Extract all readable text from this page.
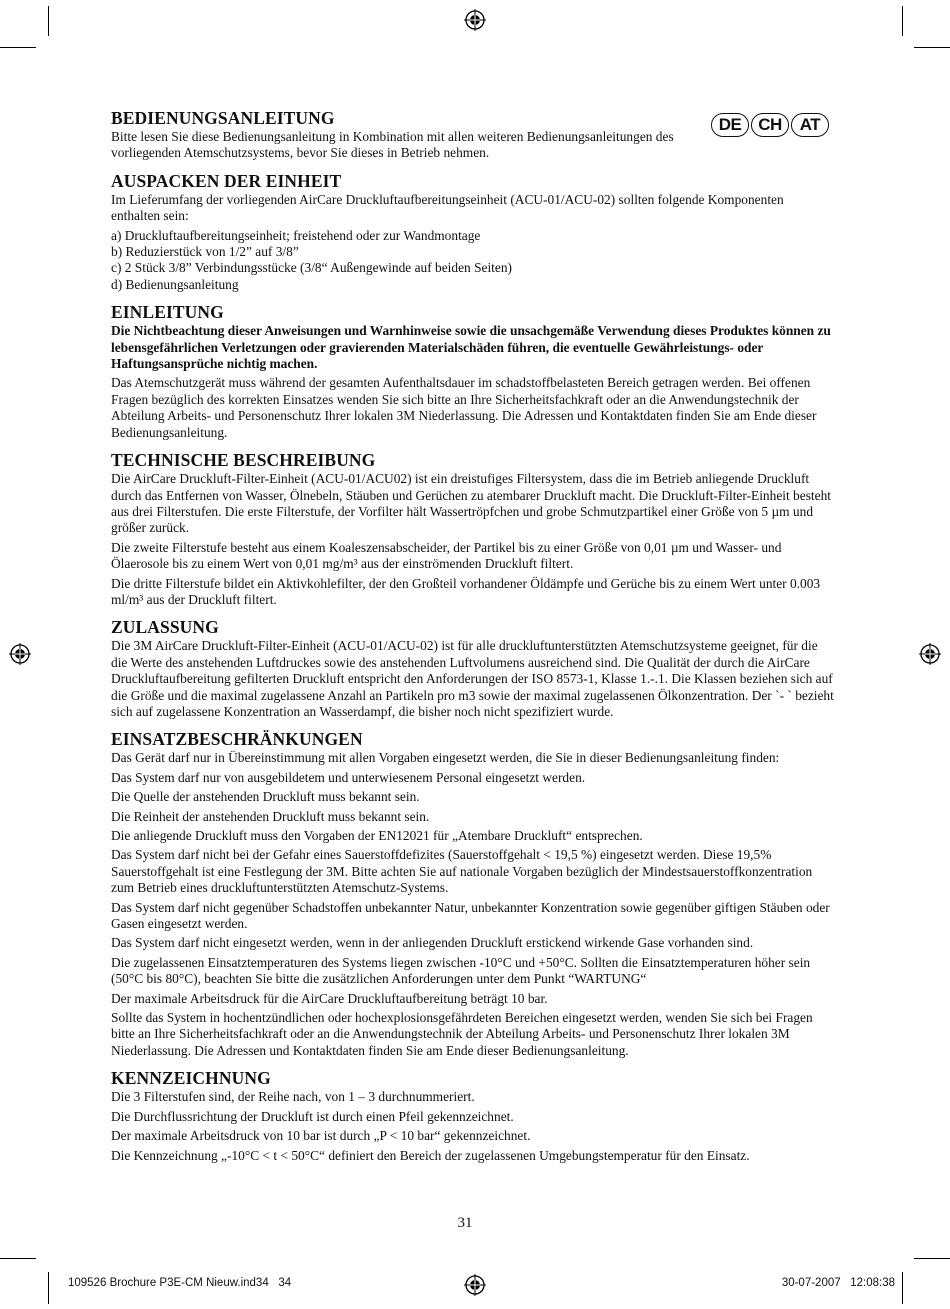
DE CH	AT
BEDIENUNGSANLEITUNG
Bitte lesen Sie diese Bedienungsanleitung in Kombination mit allen weiteren Bedienungsanleitungen des vorliegenden Atemschutzsystems, bevor Sie dieses in Betrieb nehmen.
AUSPACKEN DER EINHEIT
Im Lieferumfang der vorliegenden AirCare Druckluftaufbereitungseinheit (ACU-01/ACU-02) sollten folgende Komponenten enthalten sein:
a) Druckluftaufbereitungseinheit; freistehend oder zur Wandmontage
b) Reduzierstück von 1/2” auf 3/8”
c) 2 Stück 3/8” Verbindungsstücke (3/8“ Außengewinde auf beiden Seiten)
d) Bedienungsanleitung
EINLEITUNG
Die Nichtbeachtung dieser Anweisungen und Warnhinweise sowie die unsachgemäße Verwendung dieses Produktes können zu lebensgefährlichen Verletzungen oder gravierenden Materialschäden führen, die eventuelle Gewährleistungs- oder Haftungsansprüche nichtig machen.
Das Atemschutzgerät muss während der gesamten Aufenthaltsdauer im schadstoffbelasteten Bereich getragen werden. Bei offenen Fragen bezüglich des korrekten Einsatzes wenden Sie sich bitte an Ihre Sicherheitsfachkraft oder an die Anwendungstechnik der Abteilung Arbeits- und Personenschutz Ihrer lokalen 3M Niederlassung. Die Adressen und Kontaktdaten finden Sie am Ende dieser Bedienungsanleitung.
TECHNISCHE BESCHREIBUNG
Die AirCare Druckluft-Filter-Einheit (ACU-01/ACU02) ist ein dreistufiges Filtersystem, dass die im Betrieb anliegende Druckluft durch das Entfernen von Wasser, Ölnebeln, Stäuben und Gerüchen zu atembarer Druckluft macht. Die Druckluft-Filter-Einheit besteht aus drei Filterstufen. Die erste Filterstufe, der Vorfilter hält Wassertröpfchen und grobe Schmutzpartikel einer Größe von 5 µm und größer zurück.
Die zweite Filterstufe besteht aus einem Koaleszensabscheider, der Partikel bis zu einer Größe von 0,01 µm und Wasser- und Ölaerosole bis zu einem Wert von 0,01 mg/m³ aus der einströmenden Druckluft filtert.
Die dritte Filterstufe bildet ein Aktivkohlefilter, der den Großteil vorhandener Öldämpfe und Gerüche bis zu einem Wert unter 0.003 ml/m³ aus der Druckluft filtert.
ZULASSUNG
Die 3M AirCare Druckluft-Filter-Einheit (ACU-01/ACU-02) ist für alle druckluftunterstützten Atemschutzsysteme geeignet, für die die Werte des anstehenden Luftdruckes sowie des anstehenden Luftvolumens ausreichend sind. Die Qualität der durch die AirCare Druckluftaufbereitung gefilterten Druckluft entspricht den Anforderungen der ISO 8573-1, Klasse 1.-.1. Die Klassen beziehen sich auf die Größe und die maximal zugelassene Anzahl an Partikeln pro m3 sowie der maximal zugelassenen Ölkonzentration. Der `- ` bezieht sich auf zugelassene Konzentration an Wasserdampf, die bisher noch nicht spezifiziert wurde.
EINSATZBESCHRÄNKUNGEN
Das Gerät darf nur in Übereinstimmung mit allen Vorgaben eingesetzt werden, die Sie in dieser Bedienungsanleitung finden:
Das System darf nur von ausgebildetem und unterwiesenem Personal eingesetzt werden.
Die Quelle der anstehenden Druckluft muss bekannt sein.
Die Reinheit der anstehenden Druckluft muss bekannt sein.
Die anliegende Druckluft muss den Vorgaben der EN12021 für „Atembare Druckluft“ entsprechen.
Das System darf nicht bei der Gefahr eines Sauerstoffdefizites (Sauerstoffgehalt < 19,5 %) eingesetzt werden. Diese 19,5% Sauerstoffgehalt ist eine Festlegung der 3M. Bitte achten Sie auf nationale Vorgaben bezüglich der Mindestsauerstoffkonzentration zum Betrieb eines druckluftunterstützten Atemschutz-Systems.
Das System darf nicht gegenüber Schadstoffen unbekannter Natur, unbekannter Konzentration sowie gegenüber giftigen Stäuben oder Gasen eingesetzt werden.
Das System darf nicht eingesetzt werden, wenn in der anliegenden Druckluft erstickend wirkende Gase vorhanden sind.
Die zugelassenen Einsatztemperaturen des Systems liegen zwischen -10°C und +50°C. Sollten die Einsatztemperaturen höher sein (50°C bis 80°C), beachten Sie bitte die zusätzlichen Anforderungen unter dem Punkt “WARTUNG“
Der maximale Arbeitsdruck für die AirCare Druckluftaufbereitung beträgt 10 bar.
Sollte das System in hochentzündlichen oder hochexplosionsgefährdeten Bereichen eingesetzt werden, wenden Sie sich bei Fragen bitte an Ihre Sicherheitsfachkraft oder an die Anwendungstechnik der Abteilung Arbeits- und Personenschutz Ihrer lokalen 3M Niederlassung. Die Adressen und Kontaktdaten finden Sie am Ende dieser Bedienungsanleitung.
KENNZEICHNUNG
Die 3 Filterstufen sind, der Reihe nach, von 1 – 3 durchnummeriert.
Die Durchflussrichtung der Druckluft ist durch einen Pfeil gekennzeichnet.
Der maximale Arbeitsdruck von 10 bar ist durch „P < 10 bar“ gekennzeichnet.
Die Kennzeichnung „-10°C < t < 50°C“ definiert den Bereich der zugelassenen Umgebungstemperatur für den Einsatz.
31
109526 Brochure P3E-CM Nieuw.ind34   34	30-07-2007   12:08:38
